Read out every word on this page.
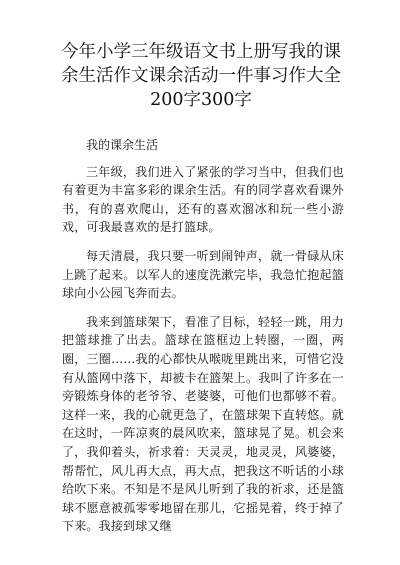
今年小学三年级语文书上册写我的课余生活作文课余活动一件事习作大全200字300字

我的课余生活

三年级，我们进入了紧张的学习当中，但我们也有着更为丰富多彩的课余生活。有的同学喜欢看课外书，有的喜欢爬山，还有的喜欢溜冰和玩一些小游戏，可我最喜欢的是打篮球。

每天清晨，我只要一听到闹钟声，就一骨碌从床上跳了起来。以军人的速度洗漱完毕，我急忙抱起篮球向小公园飞奔而去。

我来到篮球架下，看准了目标，轻轻一跳，用力把篮球推了出去。篮球在篮框边上转圈，一圈，两圈，三圈……我的心都快从喉咙里跳出来，可惜它没有从篮网中落下，却被卡在篮架上。我叫了许多在一旁锻炼身体的老爷爷、老婆婆，可他们也都够不着。这样一来，我的心就更急了，在篮球架下直转悠。就在这时，一阵凉爽的晨风吹来，篮球晃了晃。机会来了，我仰着头，祈求着：天灵灵，地灵灵，风婆婆，帮帮忙，风儿再大点，再大点，把我这不听话的小球给吹下来。不知是不是风儿听到了我的祈求，还是篮球不愿意被孤零零地留在那儿，它摇晃着，终于掉了下来。我接到球又继
